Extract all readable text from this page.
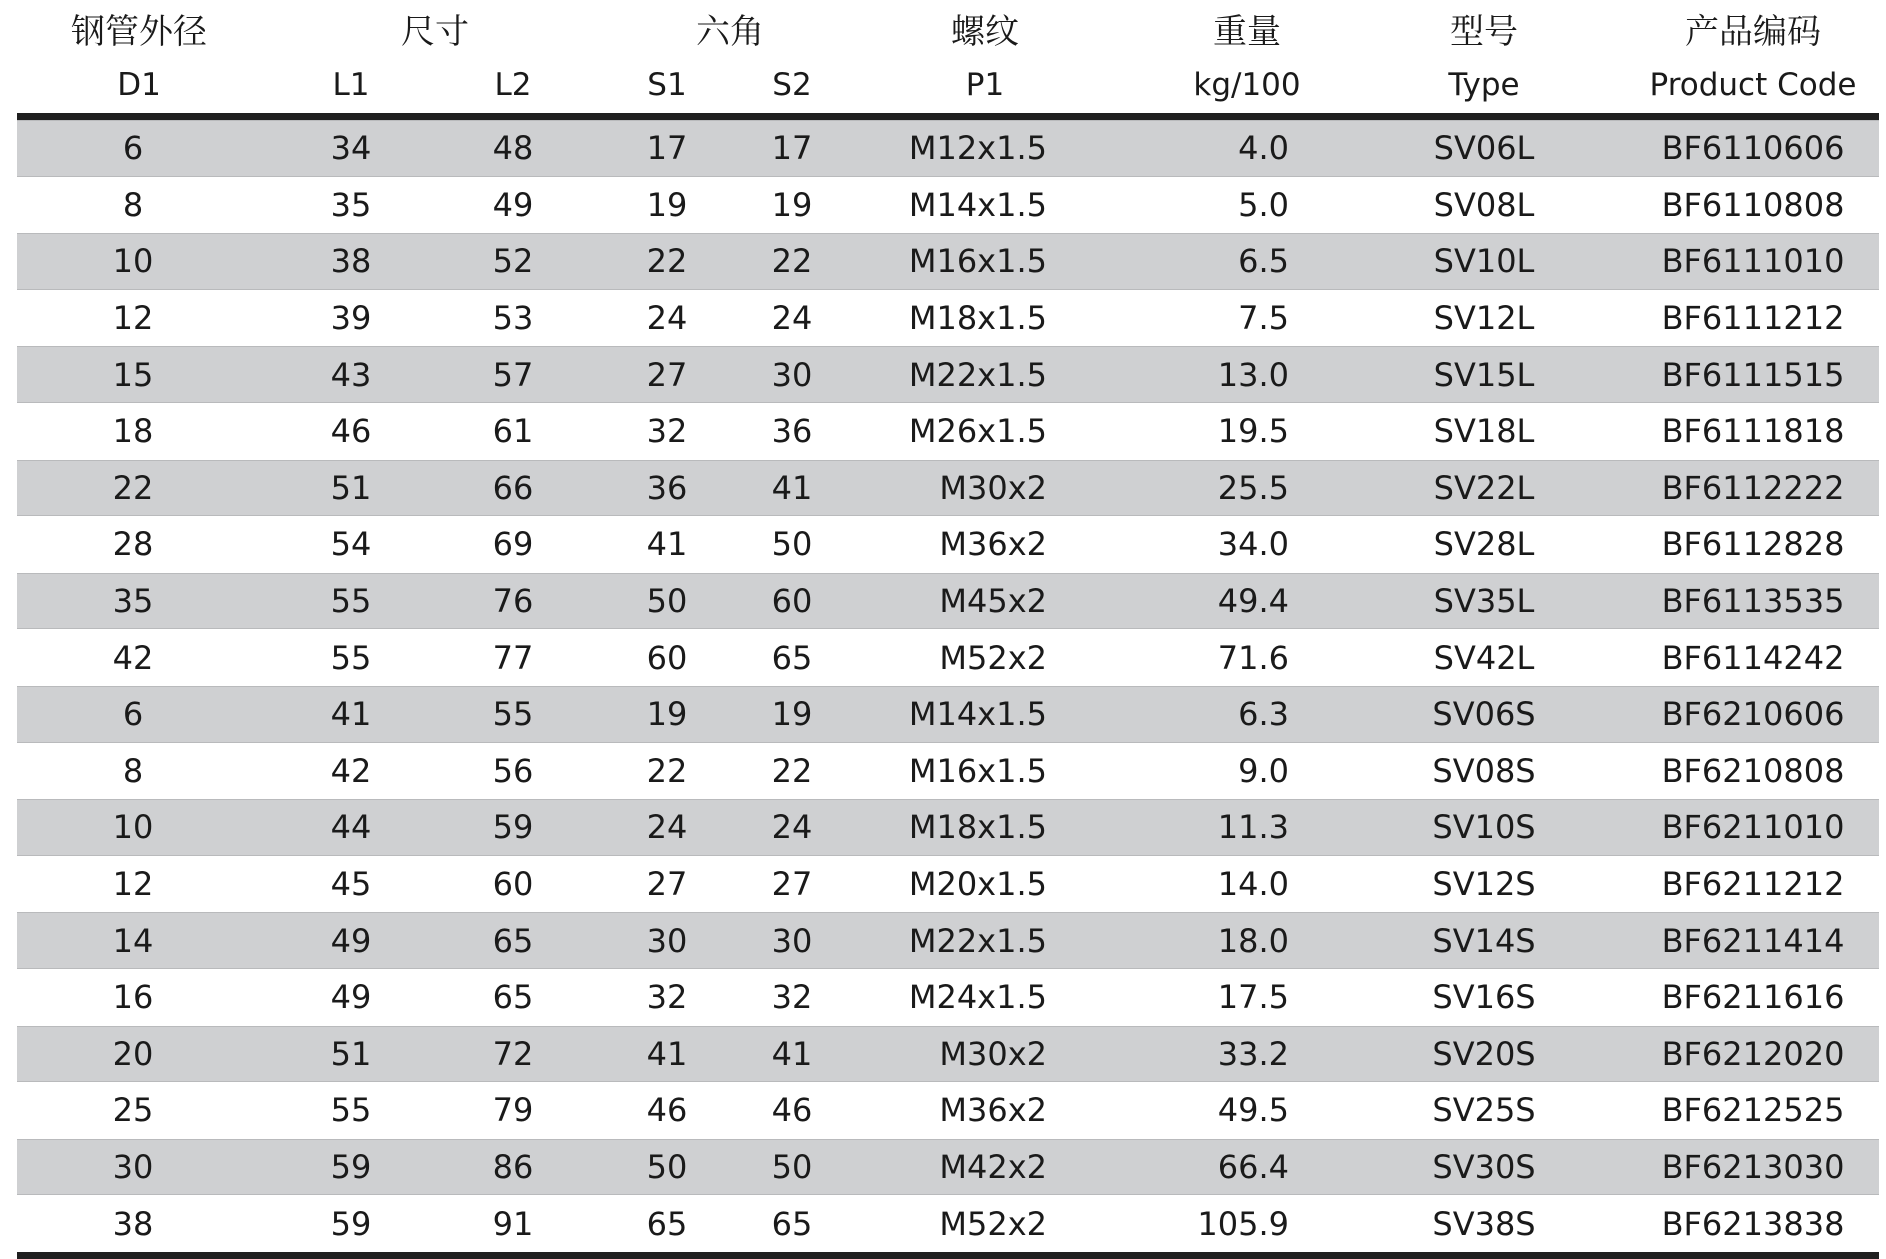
钢管外径	尺寸	六角	螺纹	重量	型号	产品编码
D1	L1	L2	S1	S2	P1	kg/100	Type	Product Code
6	34	48	17	17	M12x1.5	4.0	SV06L	BF6110606
8	35	49	19	19	M14x1.5	5.0	SV08L	BF6110808
10	38	52	22	22	M16x1.5	6.5	SV10L	BF6111010
12	39	53	24	24	M18x1.5	7.5	SV12L	BF6111212
15	43	57	27	30	M22x1.5	13.0	SV15L	BF6111515
18	46	61	32	36	M26x1.5	19.5	SV18L	BF6111818
22	51	66	36	41	M30x2	25.5	SV22L	BF6112222
28	54	69	41	50	M36x2	34.0	SV28L	BF6112828
35	55	76	50	60	M45x2	49.4	SV35L	BF6113535
42	55	77	60	65	M52x2	71.6	SV42L	BF6114242
6	41	55	19	19	M14x1.5	6.3	SV06S	BF6210606
8	42	56	22	22	M16x1.5	9.0	SV08S	BF6210808
10	44	59	24	24	M18x1.5	11.3	SV10S	BF6211010
12	45	60	27	27	M20x1.5	14.0	SV12S	BF6211212
14	49	65	30	30	M22x1.5	18.0	SV14S	BF6211414
16	49	65	32	32	M24x1.5	17.5	SV16S	BF6211616
20	51	72	41	41	M30x2	33.2	SV20S	BF6212020
25	55	79	46	46	M36x2	49.5	SV25S	BF6212525
30	59	86	50	50	M42x2	66.4	SV30S	BF6213030
38	59	91	65	65	M52x2	105.9	SV38S	BF6213838
